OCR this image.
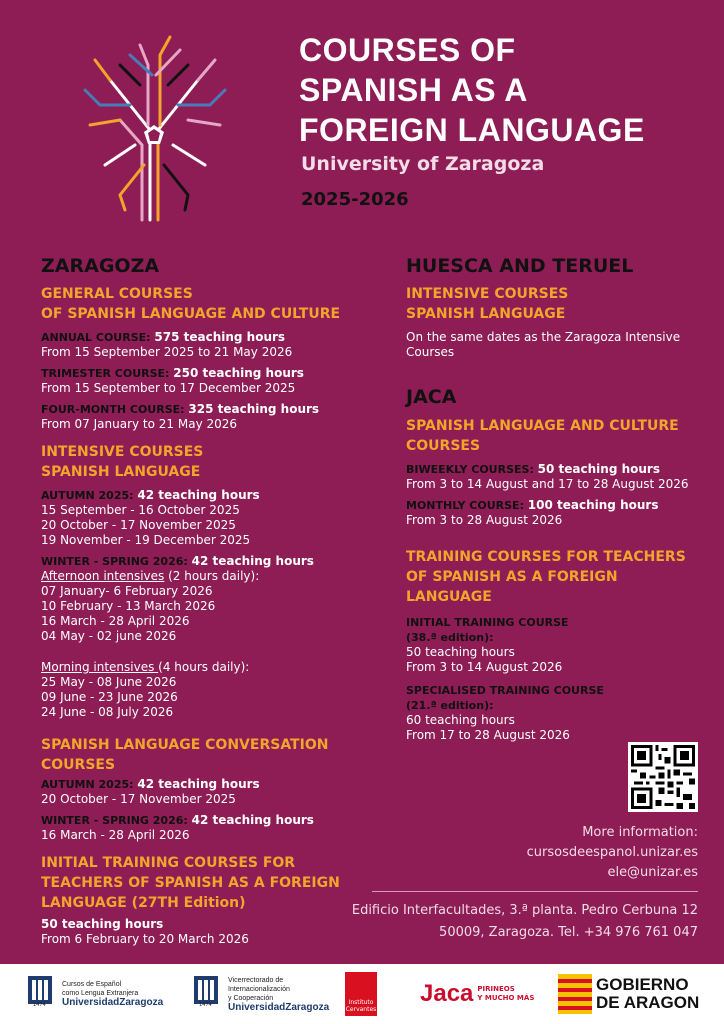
COURSES OF
SPANISH AS A
FOREIGN LANGUAGE
University of Zaragoza
2025-2026
ZARAGOZA
GENERAL COURSES
OF SPANISH LANGUAGE AND CULTURE
ANNUAL COURSE: 575 teaching hours
From 15 September 2025 to 21 May 2026
TRIMESTER COURSE: 250 teaching hours
From 15 September to 17 December 2025
FOUR-MONTH COURSE: 325 teaching hours
From 07 January to 21 May 2026
INTENSIVE COURSES
SPANISH LANGUAGE
AUTUMN 2025: 42 teaching hours
15 September - 16 October 2025
20 October - 17 November 2025
19 November - 19 December 2025
WINTER - SPRING 2026: 42 teaching hours
Afternoon intensives (2 hours daily):
07 January- 6 February 2026
10 February - 13 March 2026
16 March - 28 April 2026
04 May - 02 june 2026
Morning intensives (4 hours daily):
25 May - 08 June 2026
09 June - 23 June 2026
24 June - 08 July 2026
SPANISH LANGUAGE CONVERSATION
COURSES
AUTUMN 2025: 42 teaching hours
20 October - 17 November 2025
WINTER - SPRING 2026: 42 teaching hours
16 March - 28 April 2026
INITIAL TRAINING COURSES FOR
TEACHERS OF SPANISH AS A FOREIGN
LANGUAGE (27TH Edition)
50 teaching hours
From 6 February to 20 March 2026
HUESCA AND TERUEL
INTENSIVE COURSES
SPANISH LANGUAGE
On the same dates as the Zaragoza Intensive
Courses
JACA
SPANISH LANGUAGE AND CULTURE
COURSES
BIWEEKLY COURSES: 50 teaching hours
From 3 to 14 August and 17 to 28 August 2026
MONTHLY COURSE: 100 teaching hours
From 3 to 28 August 2026
TRAINING COURSES FOR TEACHERS
OF SPANISH AS A FOREIGN
LANGUAGE
INITIAL TRAINING COURSE
(38.ª edition):
50 teaching hours
From 3 to 14 August 2026
SPECIALISED TRAINING COURSE
(21.ª edition):
60 teaching hours
From 17 to 28 August 2026
More information:
cursosdeespanol.unizar.es
ele@unizar.es
Edificio Interfacultades, 3.ª planta. Pedro Cerbuna 12
50009, Zaragoza. Tel. +34 976 761 047
Cursos de Español
como Lengua Extranjera
UniversidadZaragoza
1474
Vicerrectorado de
Internacionalización
y Cooperación
UniversidadZaragoza
1474	Instituto Cervantes
Jaca PIRINEOS
Y MUCHO MÁS
GOBIERNO
DE ARAGON
